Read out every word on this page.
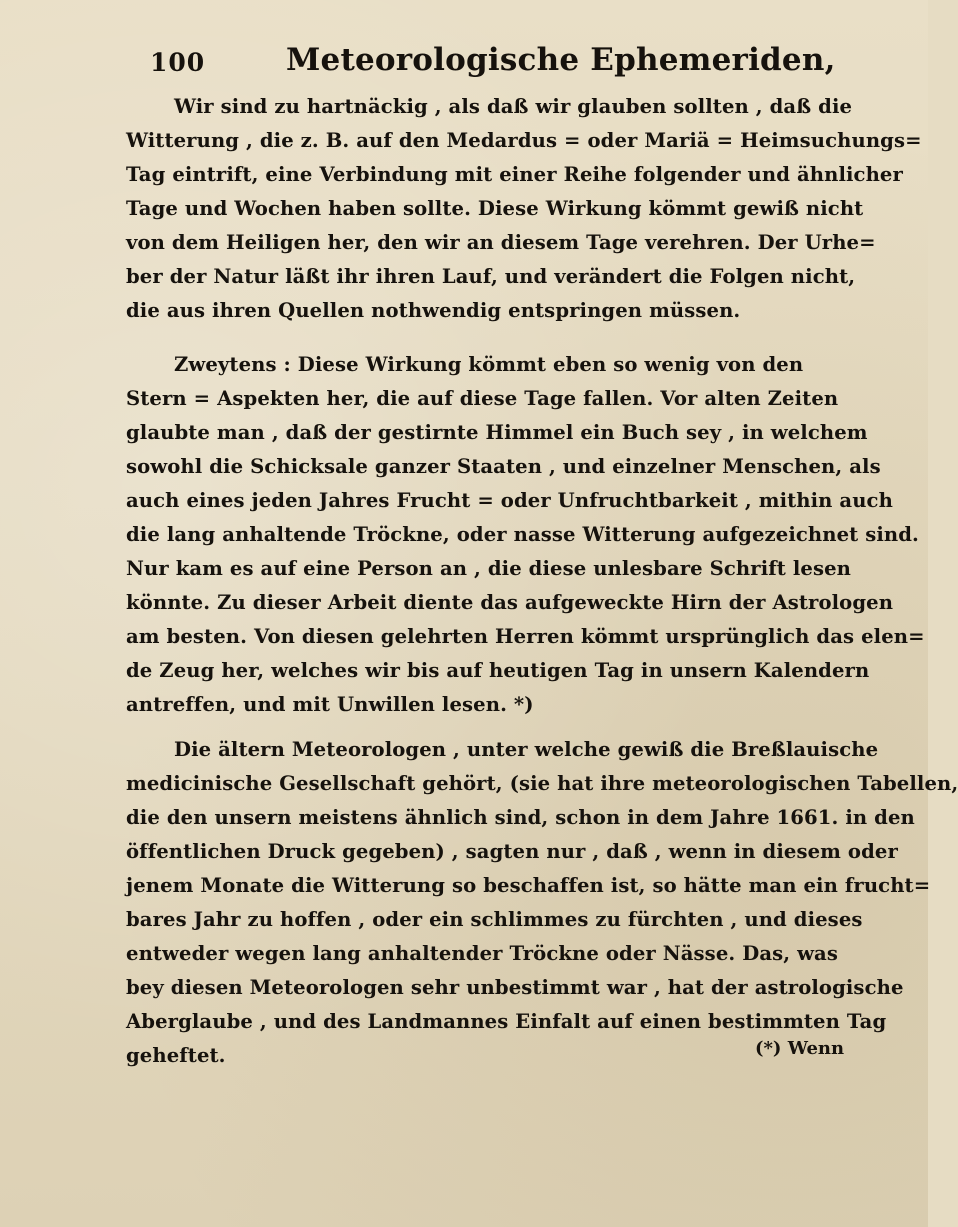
100	Meteorologische Ephemeriden,
Wir sind zu hartnäckig , als daß wir glauben sollten , daß die
Witterung , die z. B. auf den Medardus = oder Mariä = Heimsuchungs=
Tag eintrift, eine Verbindung mit einer Reihe folgender und ähnlicher
Tage und Wochen haben sollte. Diese Wirkung kömmt gewiß nicht
von dem Heiligen her, den wir an diesem Tage verehren. Der Urhe=
ber der Natur läßt ihr ihren Lauf, und verändert die Folgen nicht,
die aus ihren Quellen nothwendig entspringen müssen.
Zweytens : Diese Wirkung kömmt eben so wenig von den
Stern = Aspekten her, die auf diese Tage fallen. Vor alten Zeiten
glaubte man , daß der gestirnte Himmel ein Buch sey , in welchem
sowohl die Schicksale ganzer Staaten , und einzelner Menschen, als
auch eines jeden Jahres Frucht = oder Unfruchtbarkeit , mithin auch
die lang anhaltende Tröckne, oder nasse Witterung aufgezeichnet sind.
Nur kam es auf eine Person an , die diese unlesbare Schrift lesen
könnte. Zu dieser Arbeit diente das aufgeweckte Hirn der Astrologen
am besten. Von diesen gelehrten Herren kömmt ursprünglich das elen=
de Zeug her, welches wir bis auf heutigen Tag in unsern Kalendern
antreffen, und mit Unwillen lesen. *)
Die ältern Meteorologen , unter welche gewiß die Breßlauische
medicinische Gesellschaft gehört, (sie hat ihre meteorologischen Tabellen,
die den unsern meistens ähnlich sind, schon in dem Jahre 1661. in den
öffentlichen Druck gegeben) , sagten nur , daß , wenn in diesem oder
jenem Monate die Witterung so beschaffen ist, so hätte man ein frucht=
bares Jahr zu hoffen , oder ein schlimmes zu fürchten , und dieses
entweder wegen lang anhaltender Tröckne oder Nässe. Das, was
bey diesen Meteorologen sehr unbestimmt war , hat der astrologische
Aberglaube , und des Landmannes Einfalt auf einen bestimmten Tag
geheftet.	(*) Wenn
